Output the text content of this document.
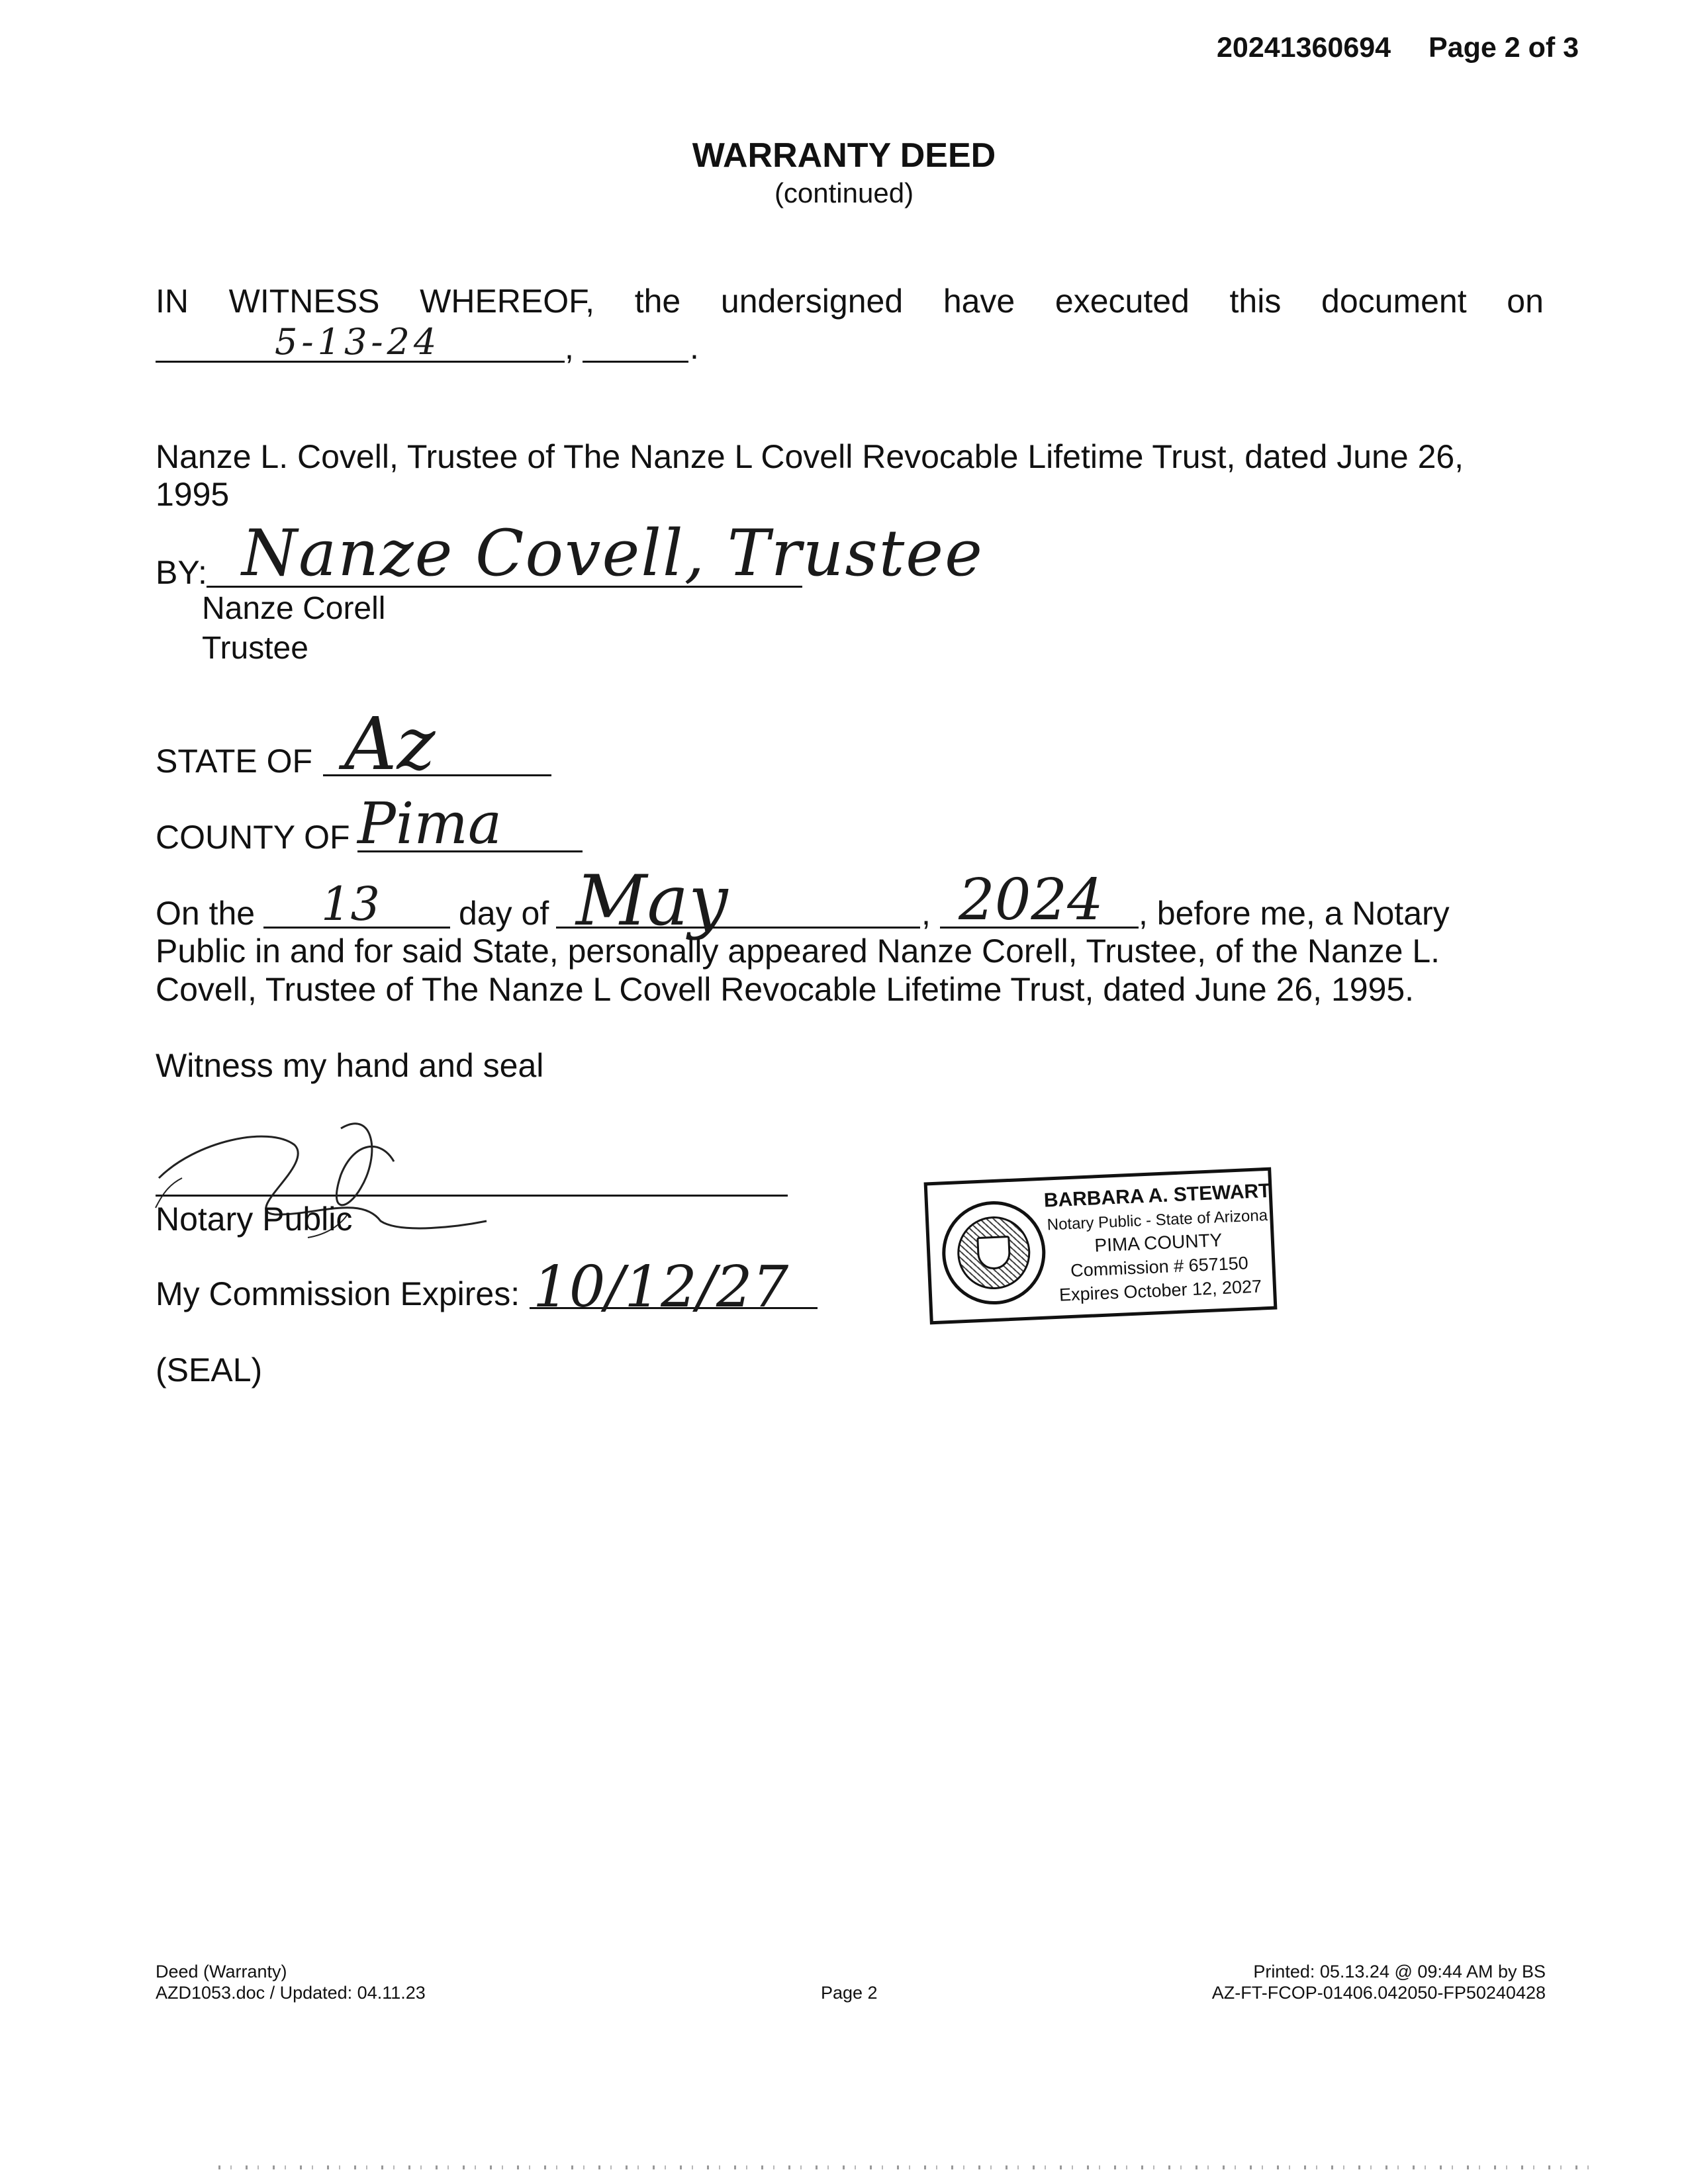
20241360694 Page 2 of 3
WARRANTY DEED
(continued)
IN WITNESS WHEREOF, the undersigned have executed this document on
5-13-24	,	.
Nanze L. Covell, Trustee of The Nanze L Covell Revocable Lifetime Trust, dated June 26,
1995
BY: Nanze Covell, Trustee
Nanze Corell
Trustee
STATE OF Az
COUNTY OF Pima
On the 13 day of May	, 2024 , before me, a Notary
Public in and for said State, personally appeared Nanze Corell, Trustee, of the Nanze L.
Covell, Trustee of The Nanze L Covell Revocable Lifetime Trust, dated June 26, 1995.
Witness my hand and seal
Notary Public
My Commission Expires: 10/12/27
(SEAL)
BARBARA A. STEWART
Notary Public - State of Arizona
PIMA COUNTY
Commission # 657150
Expires October 12, 2027
Deed (Warranty)
AZD1053.doc / Updated: 04.11.23	Page 2
Printed: 05.13.24 @ 09:44 AM by BS
AZ-FT-FCOP-01406.042050-FP50240428
